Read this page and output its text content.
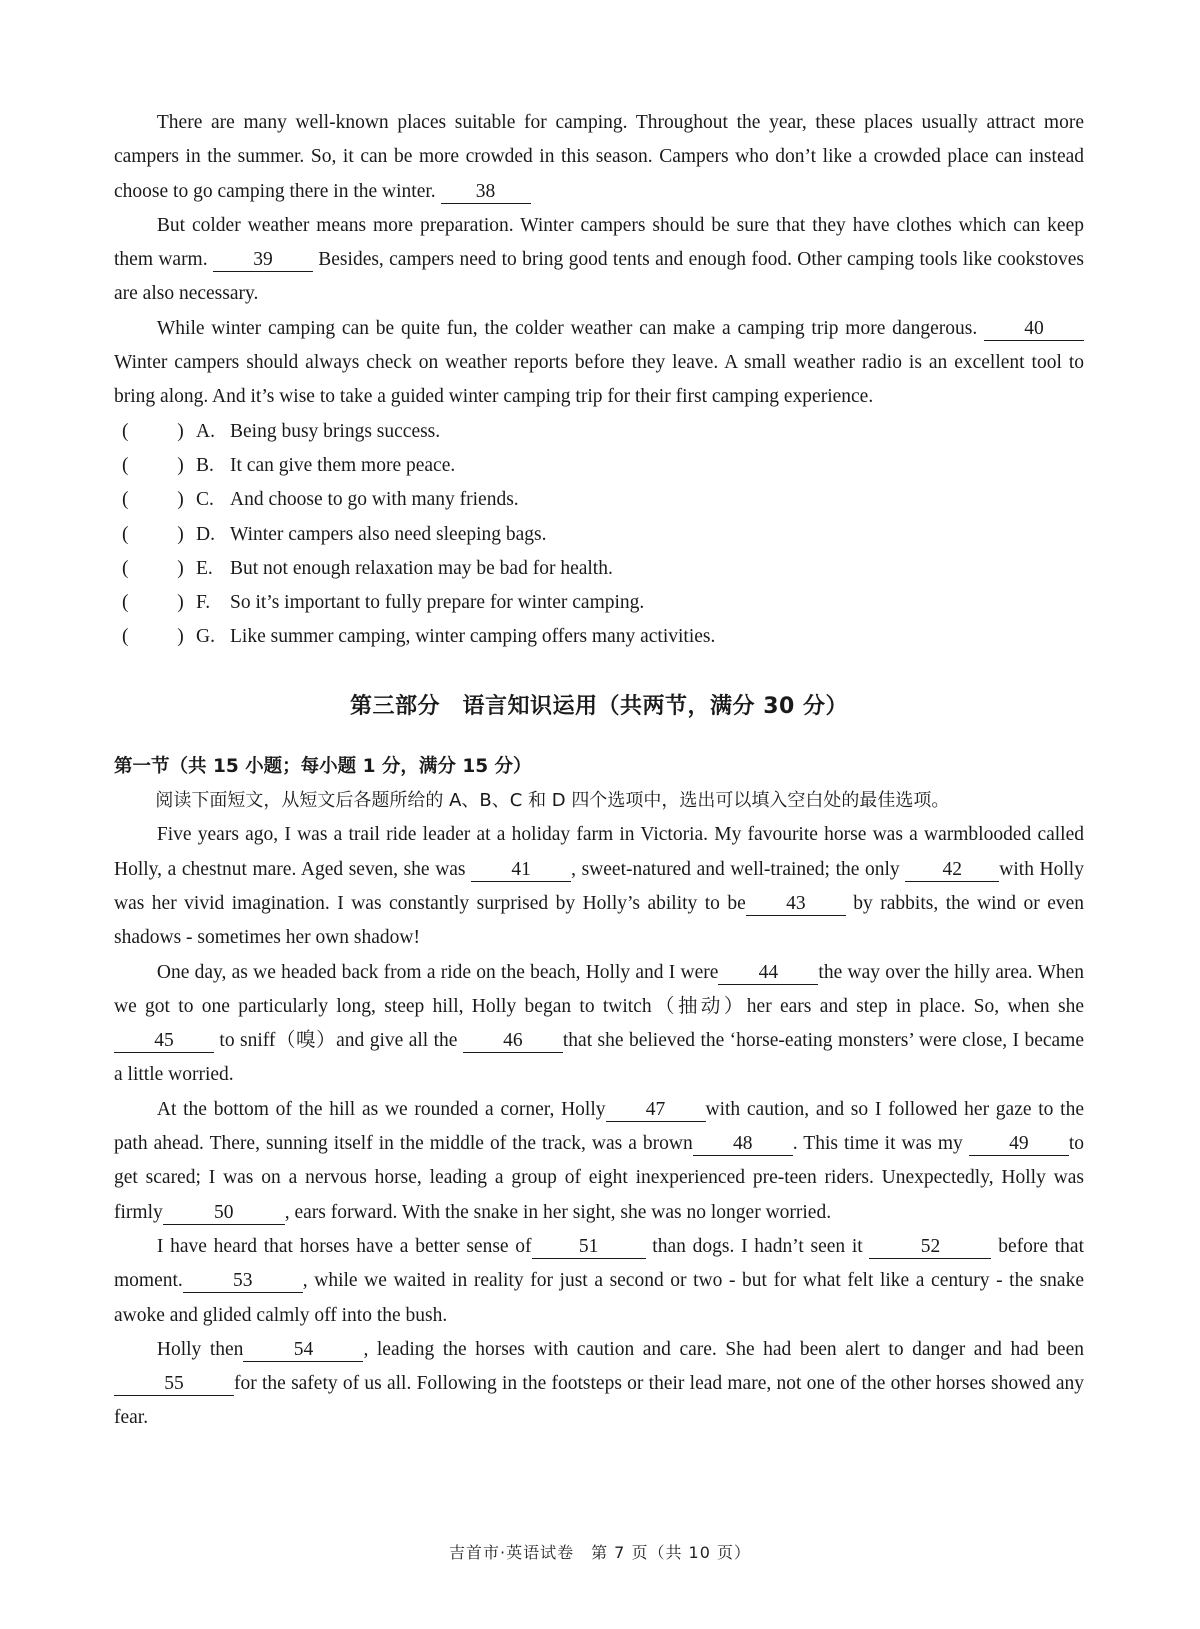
There are many well-known places suitable for camping. Throughout the year, these places usually attract more campers in the summer. So, it can be more crowded in this season. Campers who don’t like a crowded place can instead choose to go camping there in the winter. 38

But colder weather means more preparation. Winter campers should be sure that they have clothes which can keep them warm. 39 Besides, campers need to bring good tents and enough food. Other camping tools like cookstoves are also necessary.

While winter camping can be quite fun, the colder weather can make a camping trip more dangerous. 40 Winter campers should always check on weather reports before they leave. A small weather radio is an excellent tool to bring along. And it’s wise to take a guided winter camping trip for their first camping experience.

(          ) A. Being busy brings success.
(          ) B. It can give them more peace.
(          ) C. And choose to go with many friends.
(          ) D. Winter campers also need sleeping bags.
(          ) E. But not enough relaxation may be bad for health.
(          ) F.	So it’s important to fully prepare for winter camping.
(          ) G. Like summer camping, winter camping offers many activities.
第三部分　语言知识运用（共两节，满分 30 分）

第一节（共 15 小题；每小题 1 分，满分 15 分）

阅读下面短文，从短文后各题所给的 A、B、C 和 D 四个选项中，选出可以填入空白处的最佳选项。

Five years ago, I was a trail ride leader at a holiday farm in Victoria. My favourite horse was a warmblooded called Holly, a chestnut mare. Aged seven, she was 41 , sweet-natured and well-trained; the only 42 with Holly was her vivid imagination. I was constantly surprised by Holly’s ability to be 43 by rabbits, the wind or even shadows - sometimes her own shadow!

One day, as we headed back from a ride on the beach, Holly and I were 44 the way over the hilly area. When we got to one particularly long, steep hill, Holly began to twitch（抽动）her ears and step in place. So, when she45 to sniff（嗅）and give all the 46 that she believed the ‘horse-eating monsters’ were close, I became a little worried.

At the bottom of the hill as we rounded a corner, Holly 47 with caution, and so I followed her gaze to the path ahead. There, sunning itself in the middle of the track, was a brown 48 . This time it was my 49 to get scared; I was on a nervous horse, leading a group of eight inexperienced pre-teen riders. Unexpectedly, Holly was firmly	50	, ears forward. With the snake in her sight, she was no longer worried.

I have heard that horses have a better sense of 51 than dogs. I hadn’t seen it	52	before that moment.	53	, while we waited in reality for just a second or two - but for what felt like a century - the snake awoke and glided calmly off into the bush.

Holly then	54	, leading the horses with caution and care. She had been alert to danger and had been 55	for the safety of us all. Following in the footsteps or their lead mare, not one of the other horses showed any fear.

吉首市·英语试卷　第 7 页（共 10 页）
